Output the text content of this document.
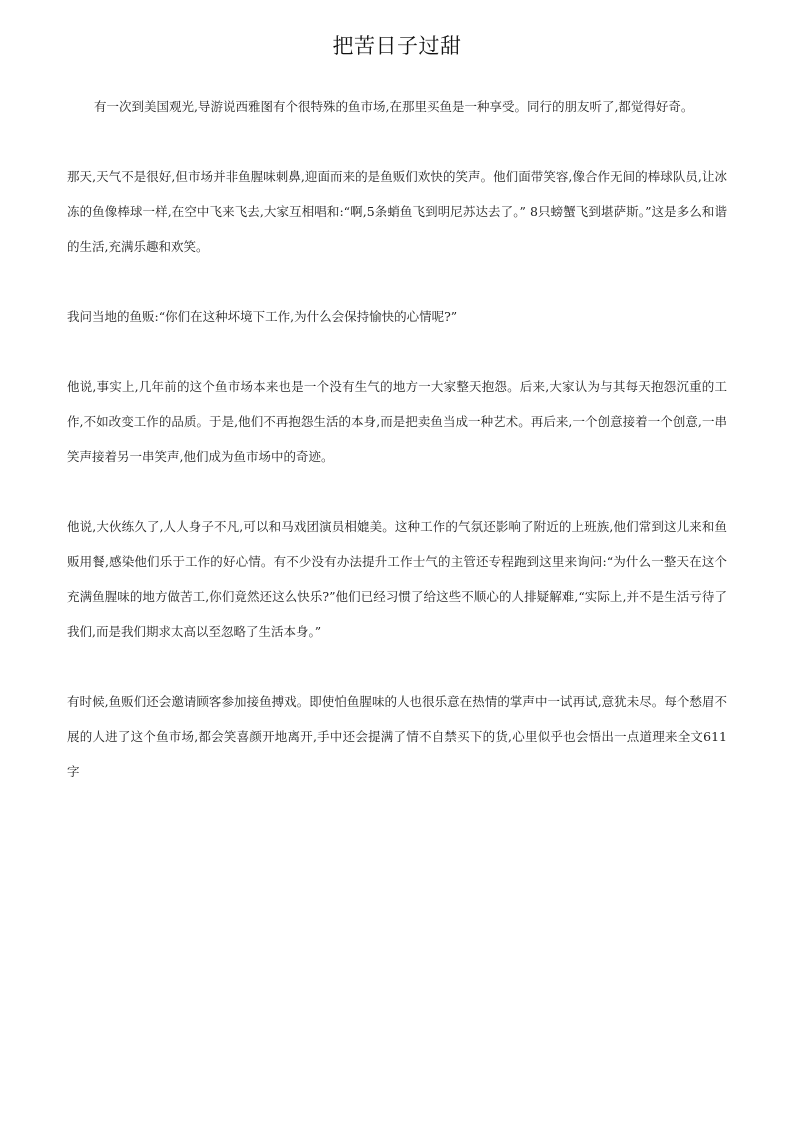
把苦日子过甜

有一次到美国观光,导游说西雅图有个很特殊的鱼市场,在那里买鱼是一种享受。同行的朋友听了,都觉得好奇。

那天,天气不是很好,但市场并非鱼腥味刺鼻,迎面而来的是鱼贩们欢快的笑声。他们面带笑容,像合作无间的棒球队员,让冰冻的鱼像棒球一样,在空中飞来飞去,大家互相唱和:“啊,5条蛸鱼飞到明尼苏达去了。” 8只螃蟹飞到堪萨斯。”这是多么和谐的生活,充满乐趣和欢笑。

我问当地的鱼贩:“你们在这种坏境下工作,为什么会保持愉快的心情呢?”

他说,事实上,几年前的这个鱼市场本来也是一个没有生气的地方一大家整天抱怨。后来,大家认为与其每天抱怨沉重的工作,不如改变工作的品质。于是,他们不再抱怨生活的本身,而是把卖鱼当成一种艺术。再后来,一个创意接着一个创意,一串笑声接着另一串笑声,他们成为鱼市场中的奇迹。

他说,大伙练久了,人人身子不凡,可以和马戏团演员相媲美。这种工作的气氛还影响了附近的上班族,他们常到这儿来和鱼贩用餐,感染他们乐于工作的好心情。有不少没有办法提升工作士气的主管还专程跑到这里来询问:“为什么一整天在这个充满鱼腥味的地方做苦工,你们竟然还这么快乐?”他们已经习惯了给这些不顺心的人排疑解难,“实际上,并不是生活亏待了我们,而是我们期求太高以至忽略了生活本身。”

有时候,鱼贩们还会邀请顾客参加接鱼搏戏。即使怕鱼腥味的人也很乐意在热情的掌声中一试再试,意犹未尽。每个愁眉不展的人进了这个鱼市场,都会笑喜颜开地离开,手中还会提满了情不自禁买下的货,心里似乎也会悟出一点道理来全文611字
